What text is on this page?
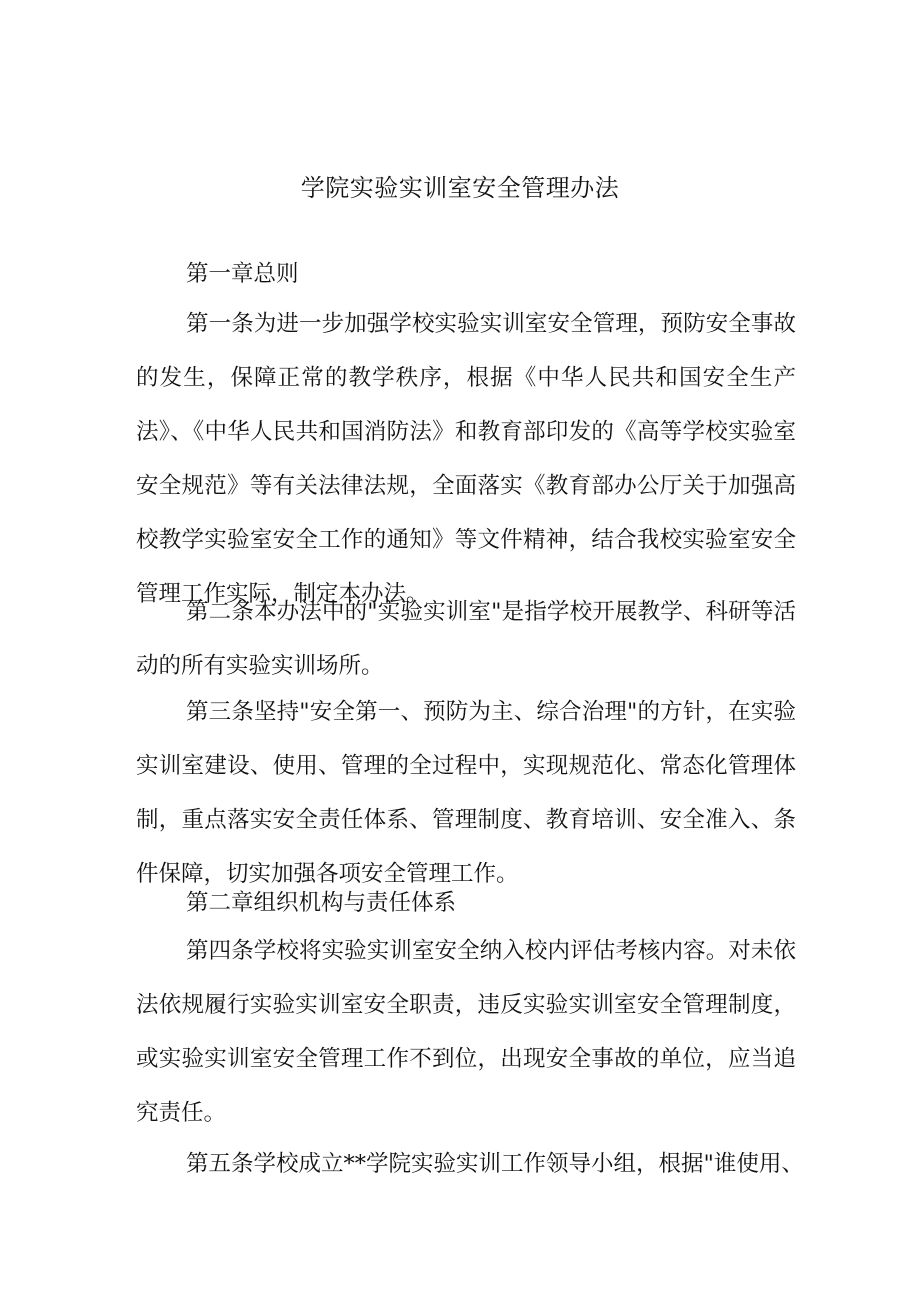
学院实验实训室安全管理办法

第一章总则

第一条为进一步加强学校实验实训室安全管理，预防安全事故的发生，保障正常的教学秩序，根据《中华人民共和国安全生产法》、《中华人民共和国消防法》和教育部印发的《高等学校实验室安全规范》等有关法律法规，全面落实《教育部办公厅关于加强高校教学实验室安全工作的通知》等文件精神，结合我校实验室安全管理工作实际，制定本办法。

第二条本办法中的"实验实训室"是指学校开展教学、科研等活动的所有实验实训场所。

第三条坚持"安全第一、预防为主、综合治理"的方针，在实验实训室建设、使用、管理的全过程中，实现规范化、常态化管理体制，重点落实安全责任体系、管理制度、教育培训、安全准入、条件保障，切实加强各项安全管理工作。

第二章组织机构与责任体系

第四条学校将实验实训室安全纳入校内评估考核内容。对未依法依规履行实验实训室安全职责，违反实验实训室安全管理制度，或实验实训室安全管理工作不到位，出现安全事故的单位，应当追究责任。

第五条学校成立**学院实验实训工作领导小组，根据"谁使用、
